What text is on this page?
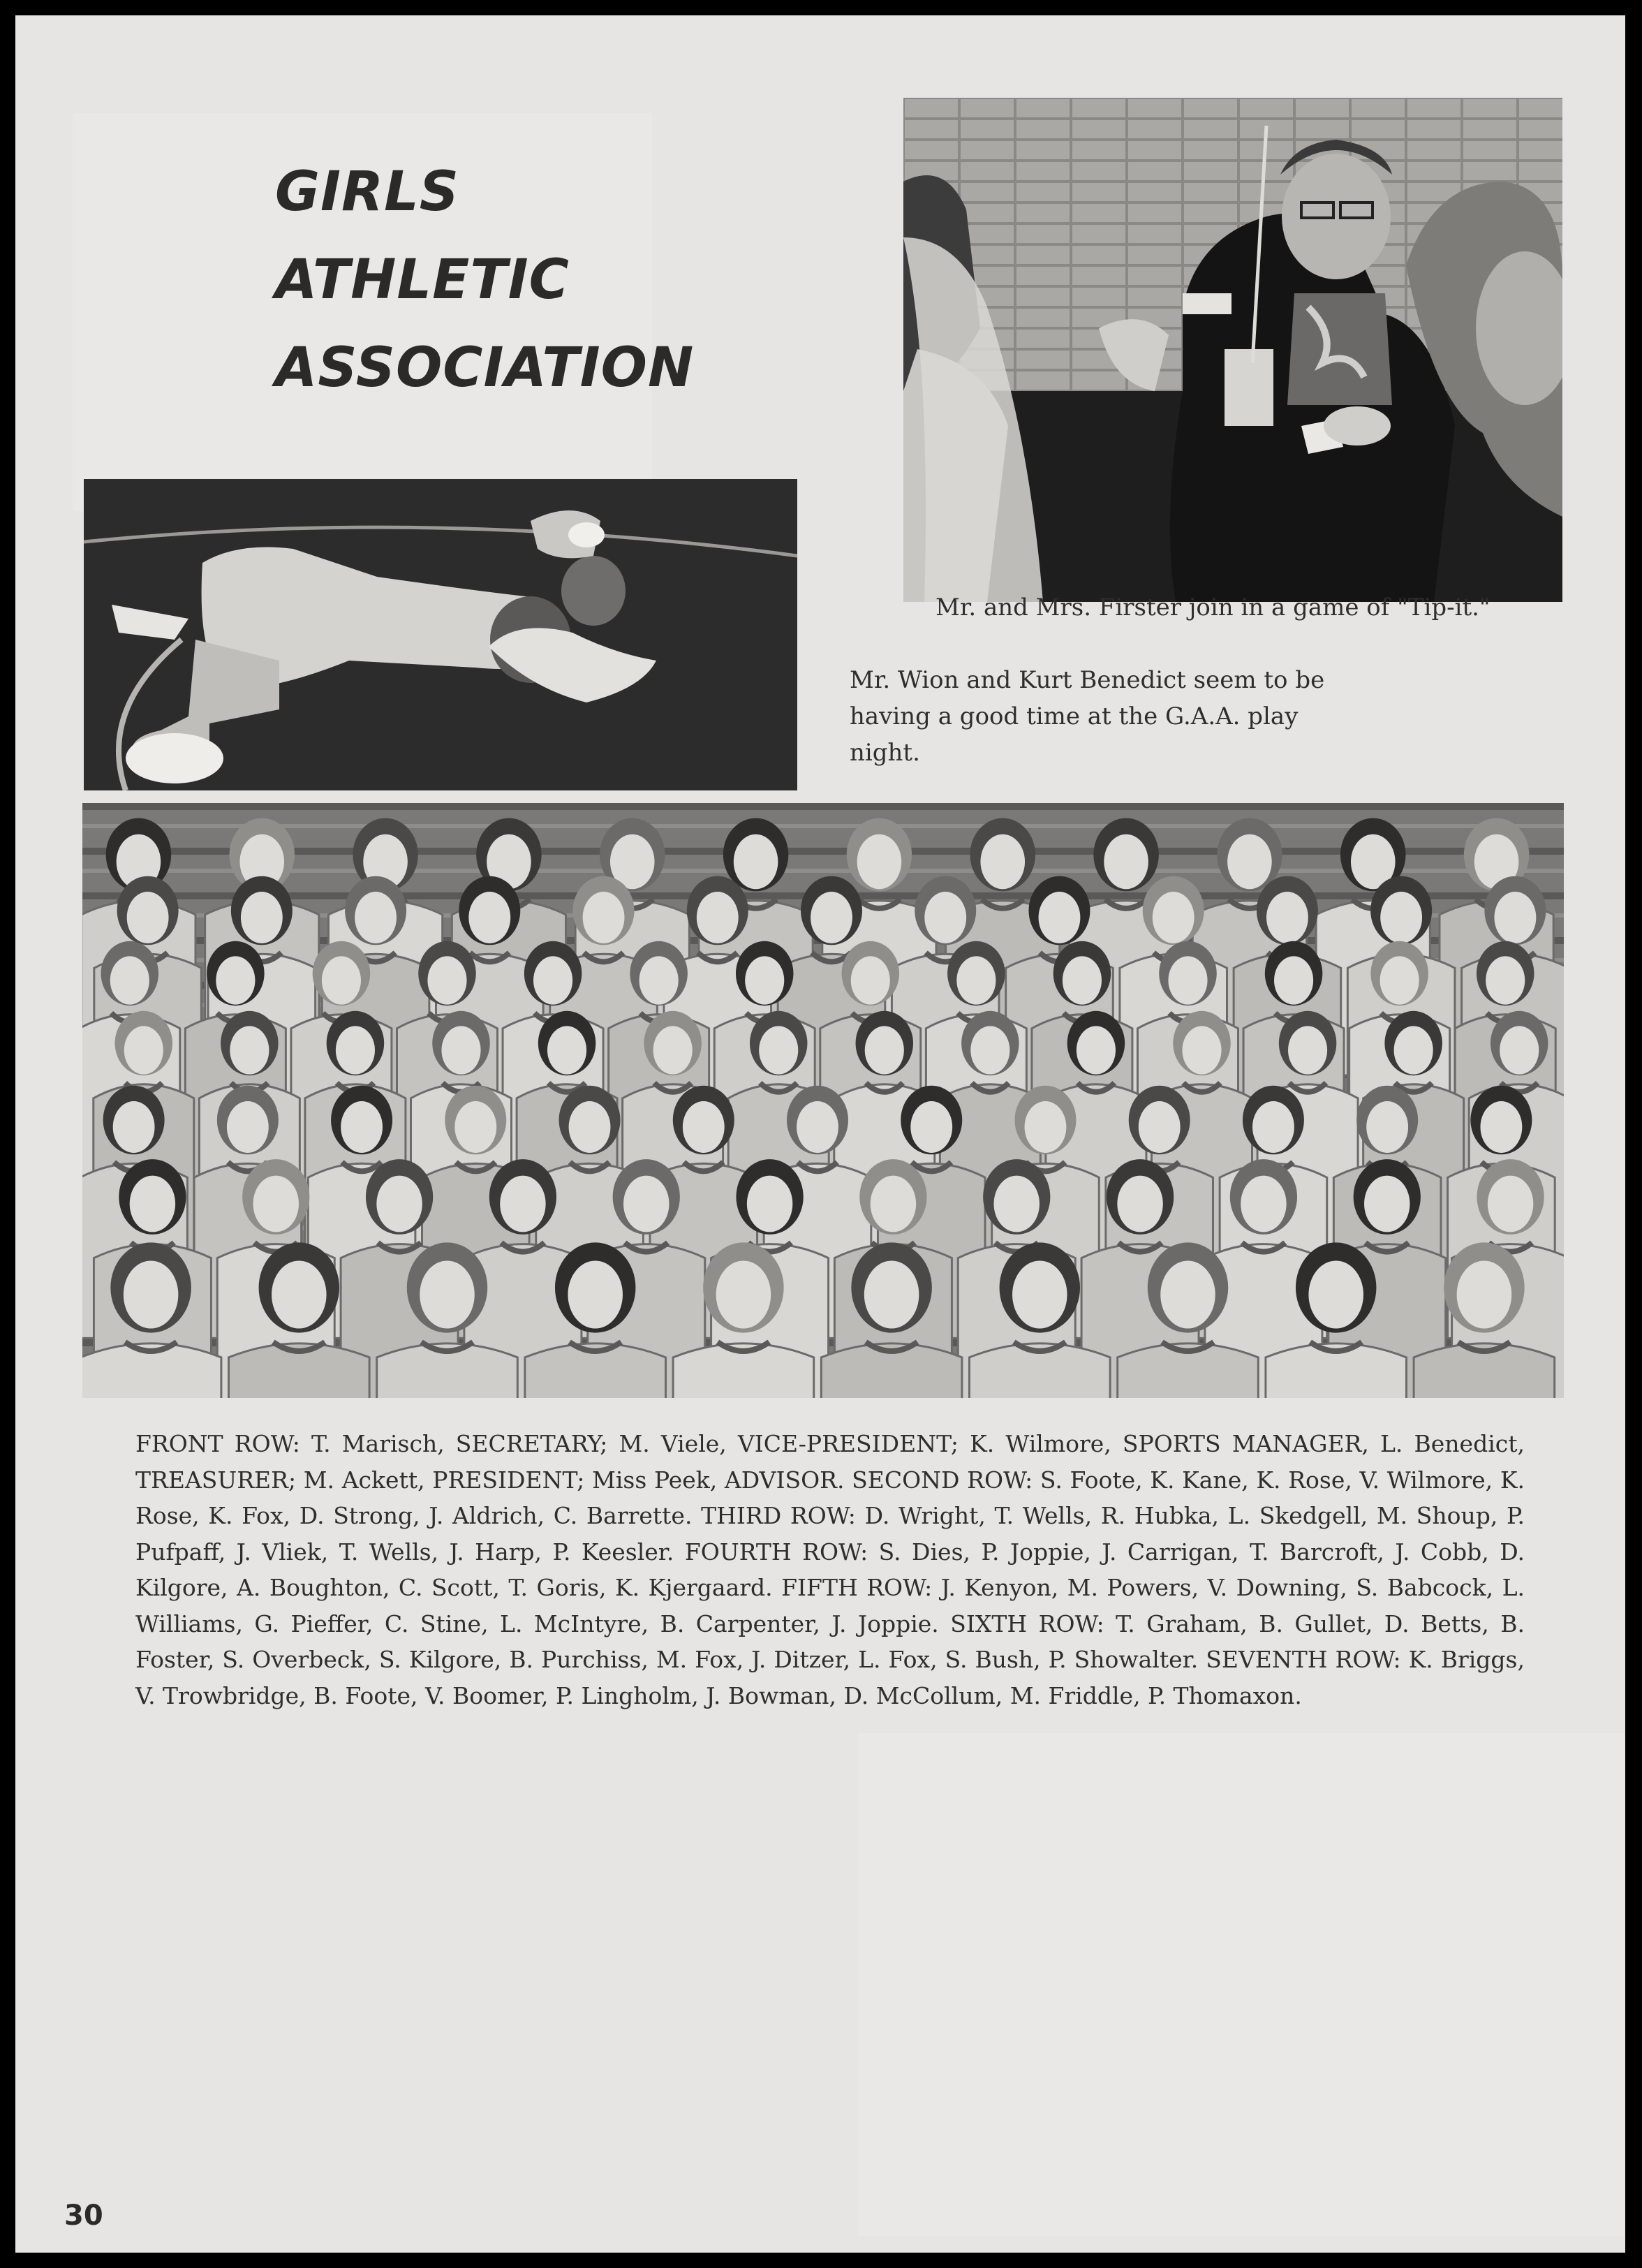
GIRLS
ATHLETIC
ASSOCIATION

Mr. and Mrs. Firster join in a game of "Tip-it."

Mr. Wion and Kurt Benedict seem to be having a good time at the G.A.A. play night.

FRONT ROW: T. Marisch, SECRETARY; M. Viele, VICE-PRESIDENT; K. Wilmore, SPORTS MANAGER, L. Benedict, TREASURER; M. Ackett, PRESIDENT; Miss Peek, ADVISOR. SECOND ROW: S. Foote, K. Kane, K. Rose, V. Wilmore, K. Rose, K. Fox, D. Strong, J. Aldrich, C. Barrette. THIRD ROW: D. Wright, T. Wells, R. Hubka, L. Skedgell, M. Shoup, P. Pufpaff, J. Vliek, T. Wells, J. Harp, P. Keesler. FOURTH ROW: S. Dies, P. Joppie, J. Carrigan, T. Barcroft, J. Cobb, D. Kilgore, A. Boughton, C. Scott, T. Goris, K. Kjergaard. FIFTH ROW: J. Kenyon, M. Powers, V. Downing, S. Babcock, L. Williams, G. Pieffer, C. Stine, L. McIntyre, B. Carpenter, J. Joppie. SIXTH ROW: T. Graham, B. Gullet, D. Betts, B. Foster, S. Overbeck, S. Kilgore, B. Purchiss, M. Fox, J. Ditzer, L. Fox, S. Bush, P. Showalter. SEVENTH ROW: K. Briggs, V. Trowbridge, B. Foote, V. Boomer, P. Lingholm, J. Bowman, D. McCollum, M. Friddle, P. Thomaxon.

30
